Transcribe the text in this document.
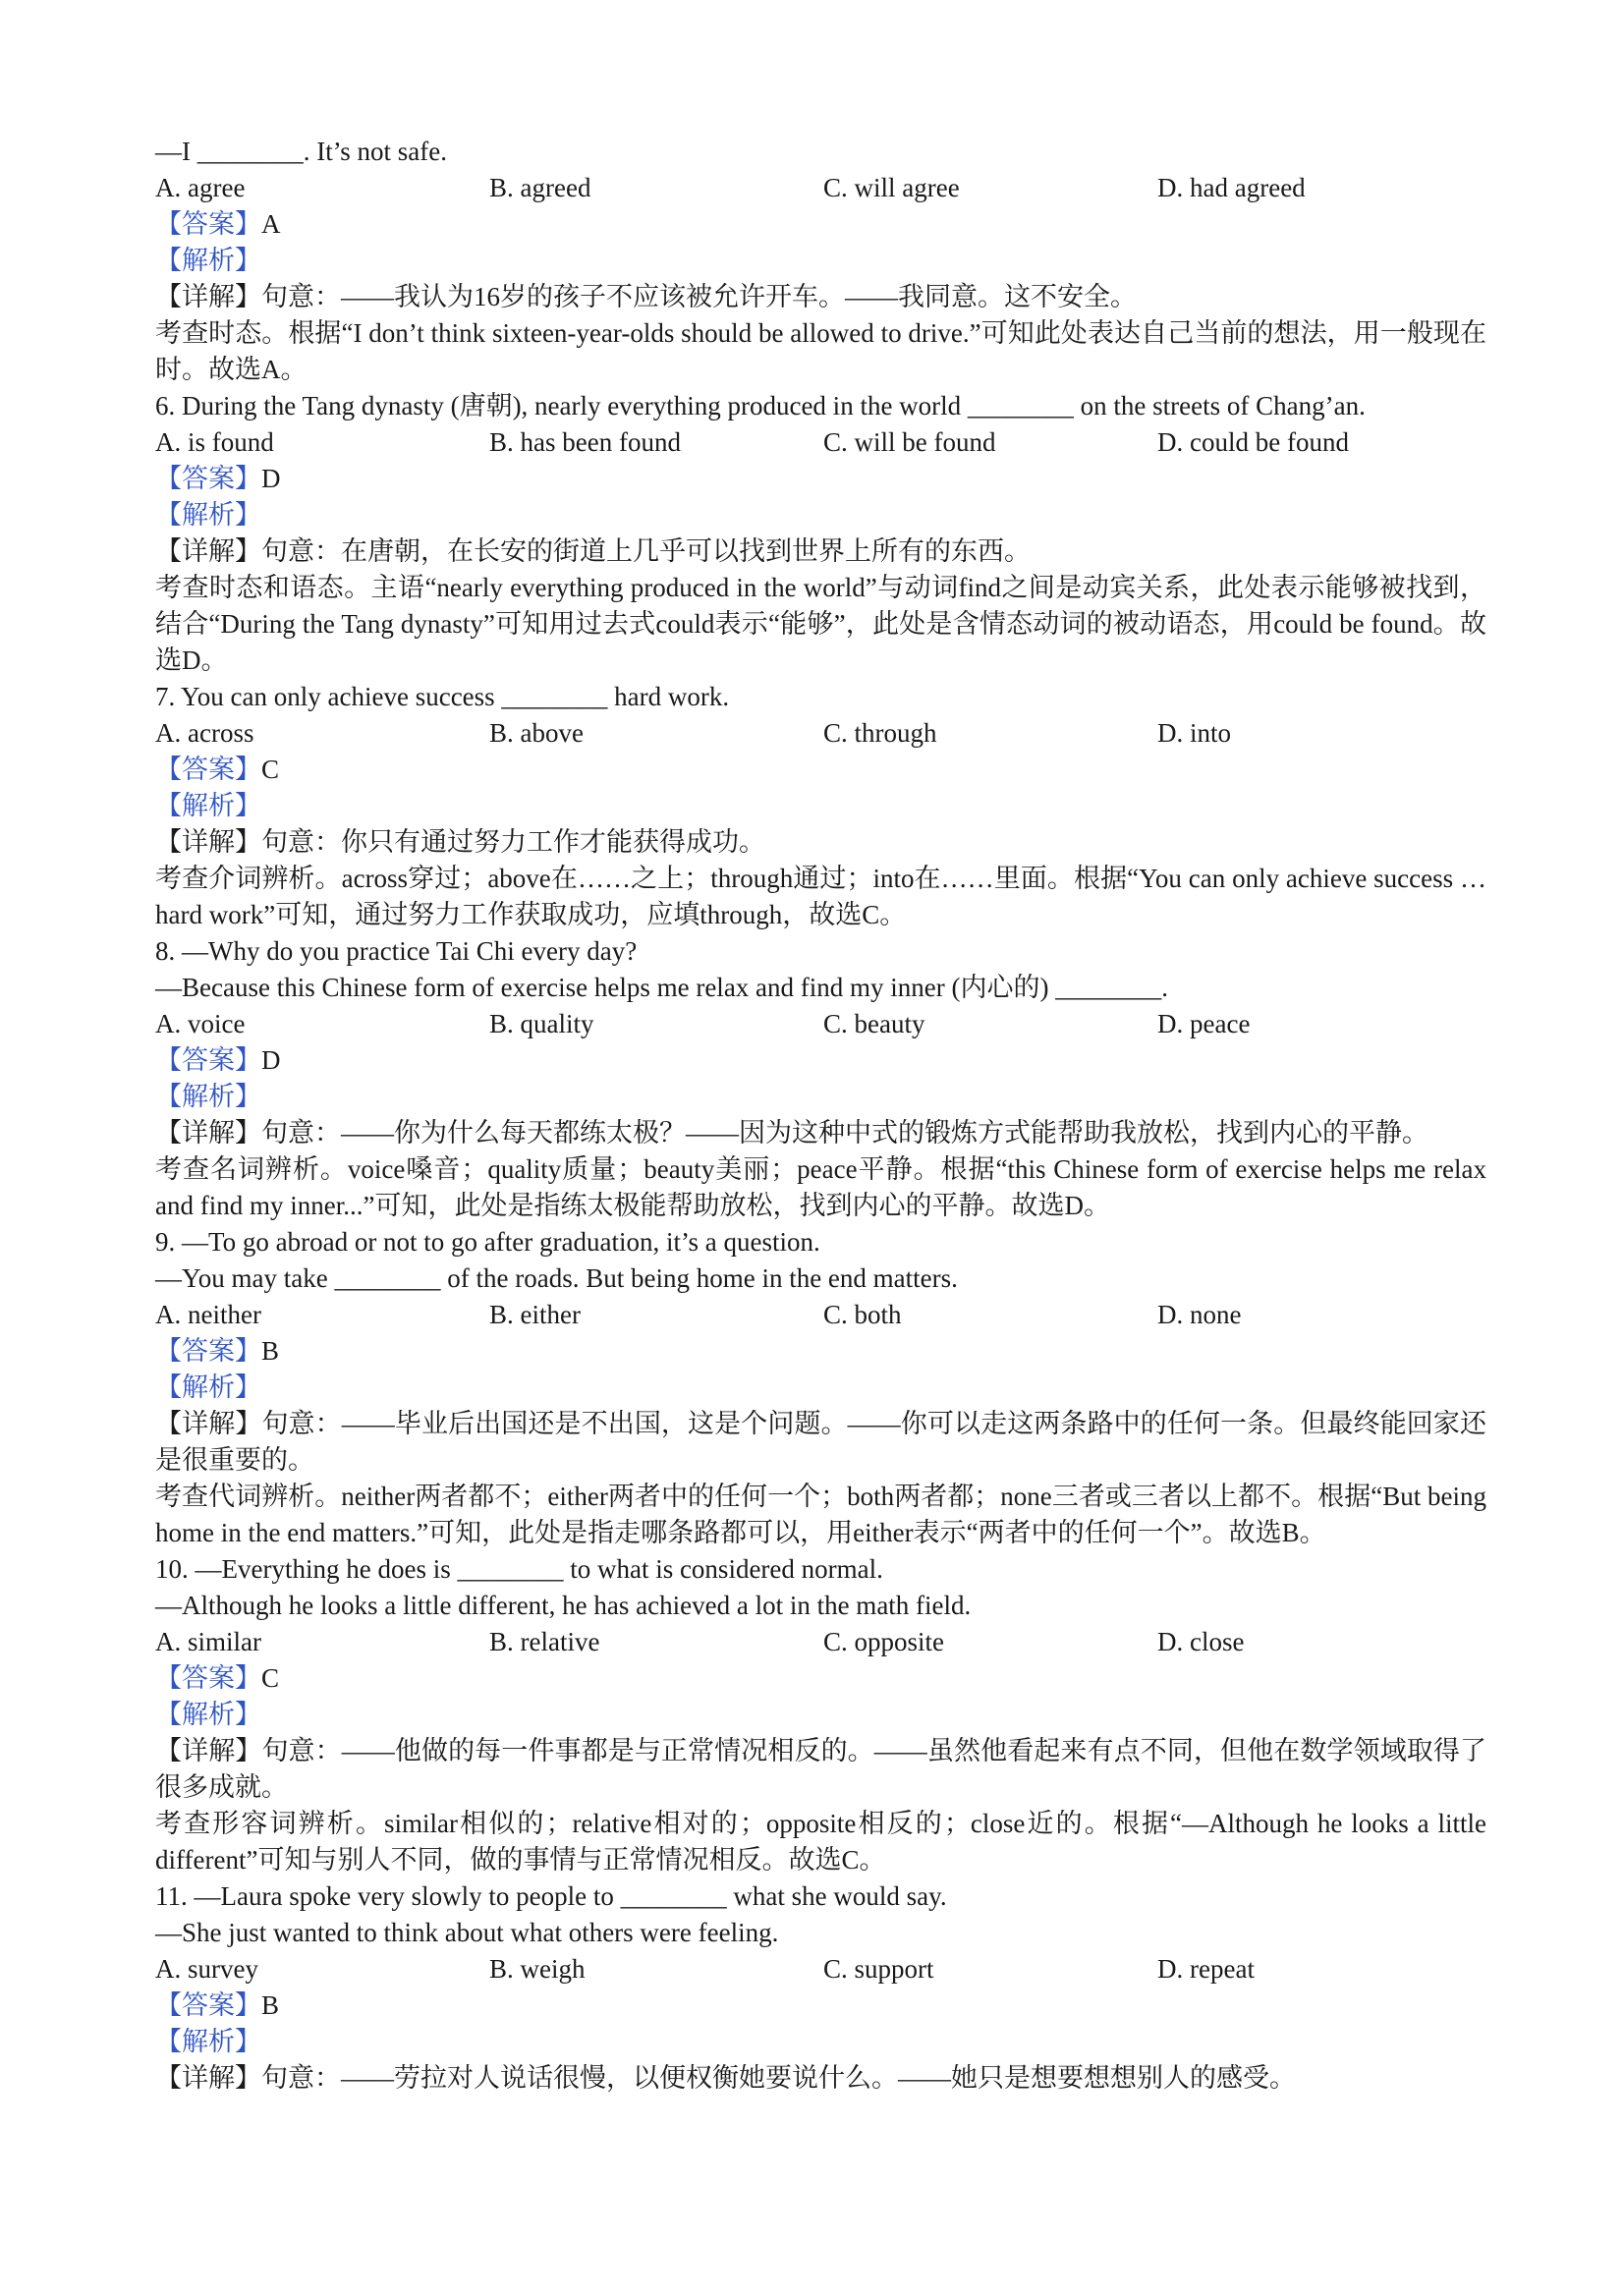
—I ________. It’s not safe.
A. agree	B. agreed	C. will agree	D. had agreed
【答案】A
【解析】
【详解】句意：——我认为16岁的孩子不应该被允许开车。——我同意。这不安全。
考查时态。根据“I don’t think sixteen-year-olds should be allowed to drive.”可知此处表达自己当前的想法，用一般现在时。故选A。
6. During the Tang dynasty (唐朝), nearly everything produced in the world ________ on the streets of Chang’an.
A. is found	B. has been found	C. will be found	D. could be found
【答案】D
【解析】
【详解】句意：在唐朝，在长安的街道上几乎可以找到世界上所有的东西。
考查时态和语态。主语“nearly everything produced in the world”与动词find之间是动宾关系，此处表示能够被找到，结合“During the Tang dynasty”可知用过去式could表示“能够”，此处是含情态动词的被动语态，用could be found。故选D。
7. You can only achieve success ________ hard work.
A. across	B. above	C. through	D. into
【答案】C
【解析】
【详解】句意：你只有通过努力工作才能获得成功。
考查介词辨析。across穿过；above在……之上；through通过；into在……里面。根据“You can only achieve success … hard work”可知，通过努力工作获取成功，应填through，故选C。
8. —Why do you practice Tai Chi every day?
—Because this Chinese form of exercise helps me relax and find my inner (内心的) ________.
A. voice	B. quality	C. beauty	D. peace
【答案】D
【解析】
【详解】句意：——你为什么每天都练太极？——因为这种中式的锻炼方式能帮助我放松，找到内心的平静。
考查名词辨析。voice嗓音；quality质量；beauty美丽；peace平静。根据“this Chinese form of exercise helps me relax and find my inner...”可知，此处是指练太极能帮助放松，找到内心的平静。故选D。
9. —To go abroad or not to go after graduation, it’s a question.
—You may take ________ of the roads. But being home in the end matters.
A. neither	B. either	C. both	D. none
【答案】B
【解析】
【详解】句意：——毕业后出国还是不出国，这是个问题。——你可以走这两条路中的任何一条。但最终能回家还是很重要的。
考查代词辨析。neither两者都不；either两者中的任何一个；both两者都；none三者或三者以上都不。根据“But being home in the end matters.”可知，此处是指走哪条路都可以，用either表示“两者中的任何一个”。故选B。
10. —Everything he does is ________ to what is considered normal.
—Although he looks a little different, he has achieved a lot in the math field.
A. similar	B. relative	C. opposite	D. close
【答案】C
【解析】
【详解】句意：——他做的每一件事都是与正常情况相反的。——虽然他看起来有点不同，但他在数学领域取得了很多成就。
考查形容词辨析。similar相似的；relative相对的；opposite相反的；close近的。根据“—Although he looks a little different”可知与别人不同，做的事情与正常情况相反。故选C。
11. —Laura spoke very slowly to people to ________ what she would say.
—She just wanted to think about what others were feeling.
A. survey	B. weigh	C. support	D. repeat
【答案】B
【解析】
【详解】句意：——劳拉对人说话很慢，以便权衡她要说什么。——她只是想要想想别人的感受。
